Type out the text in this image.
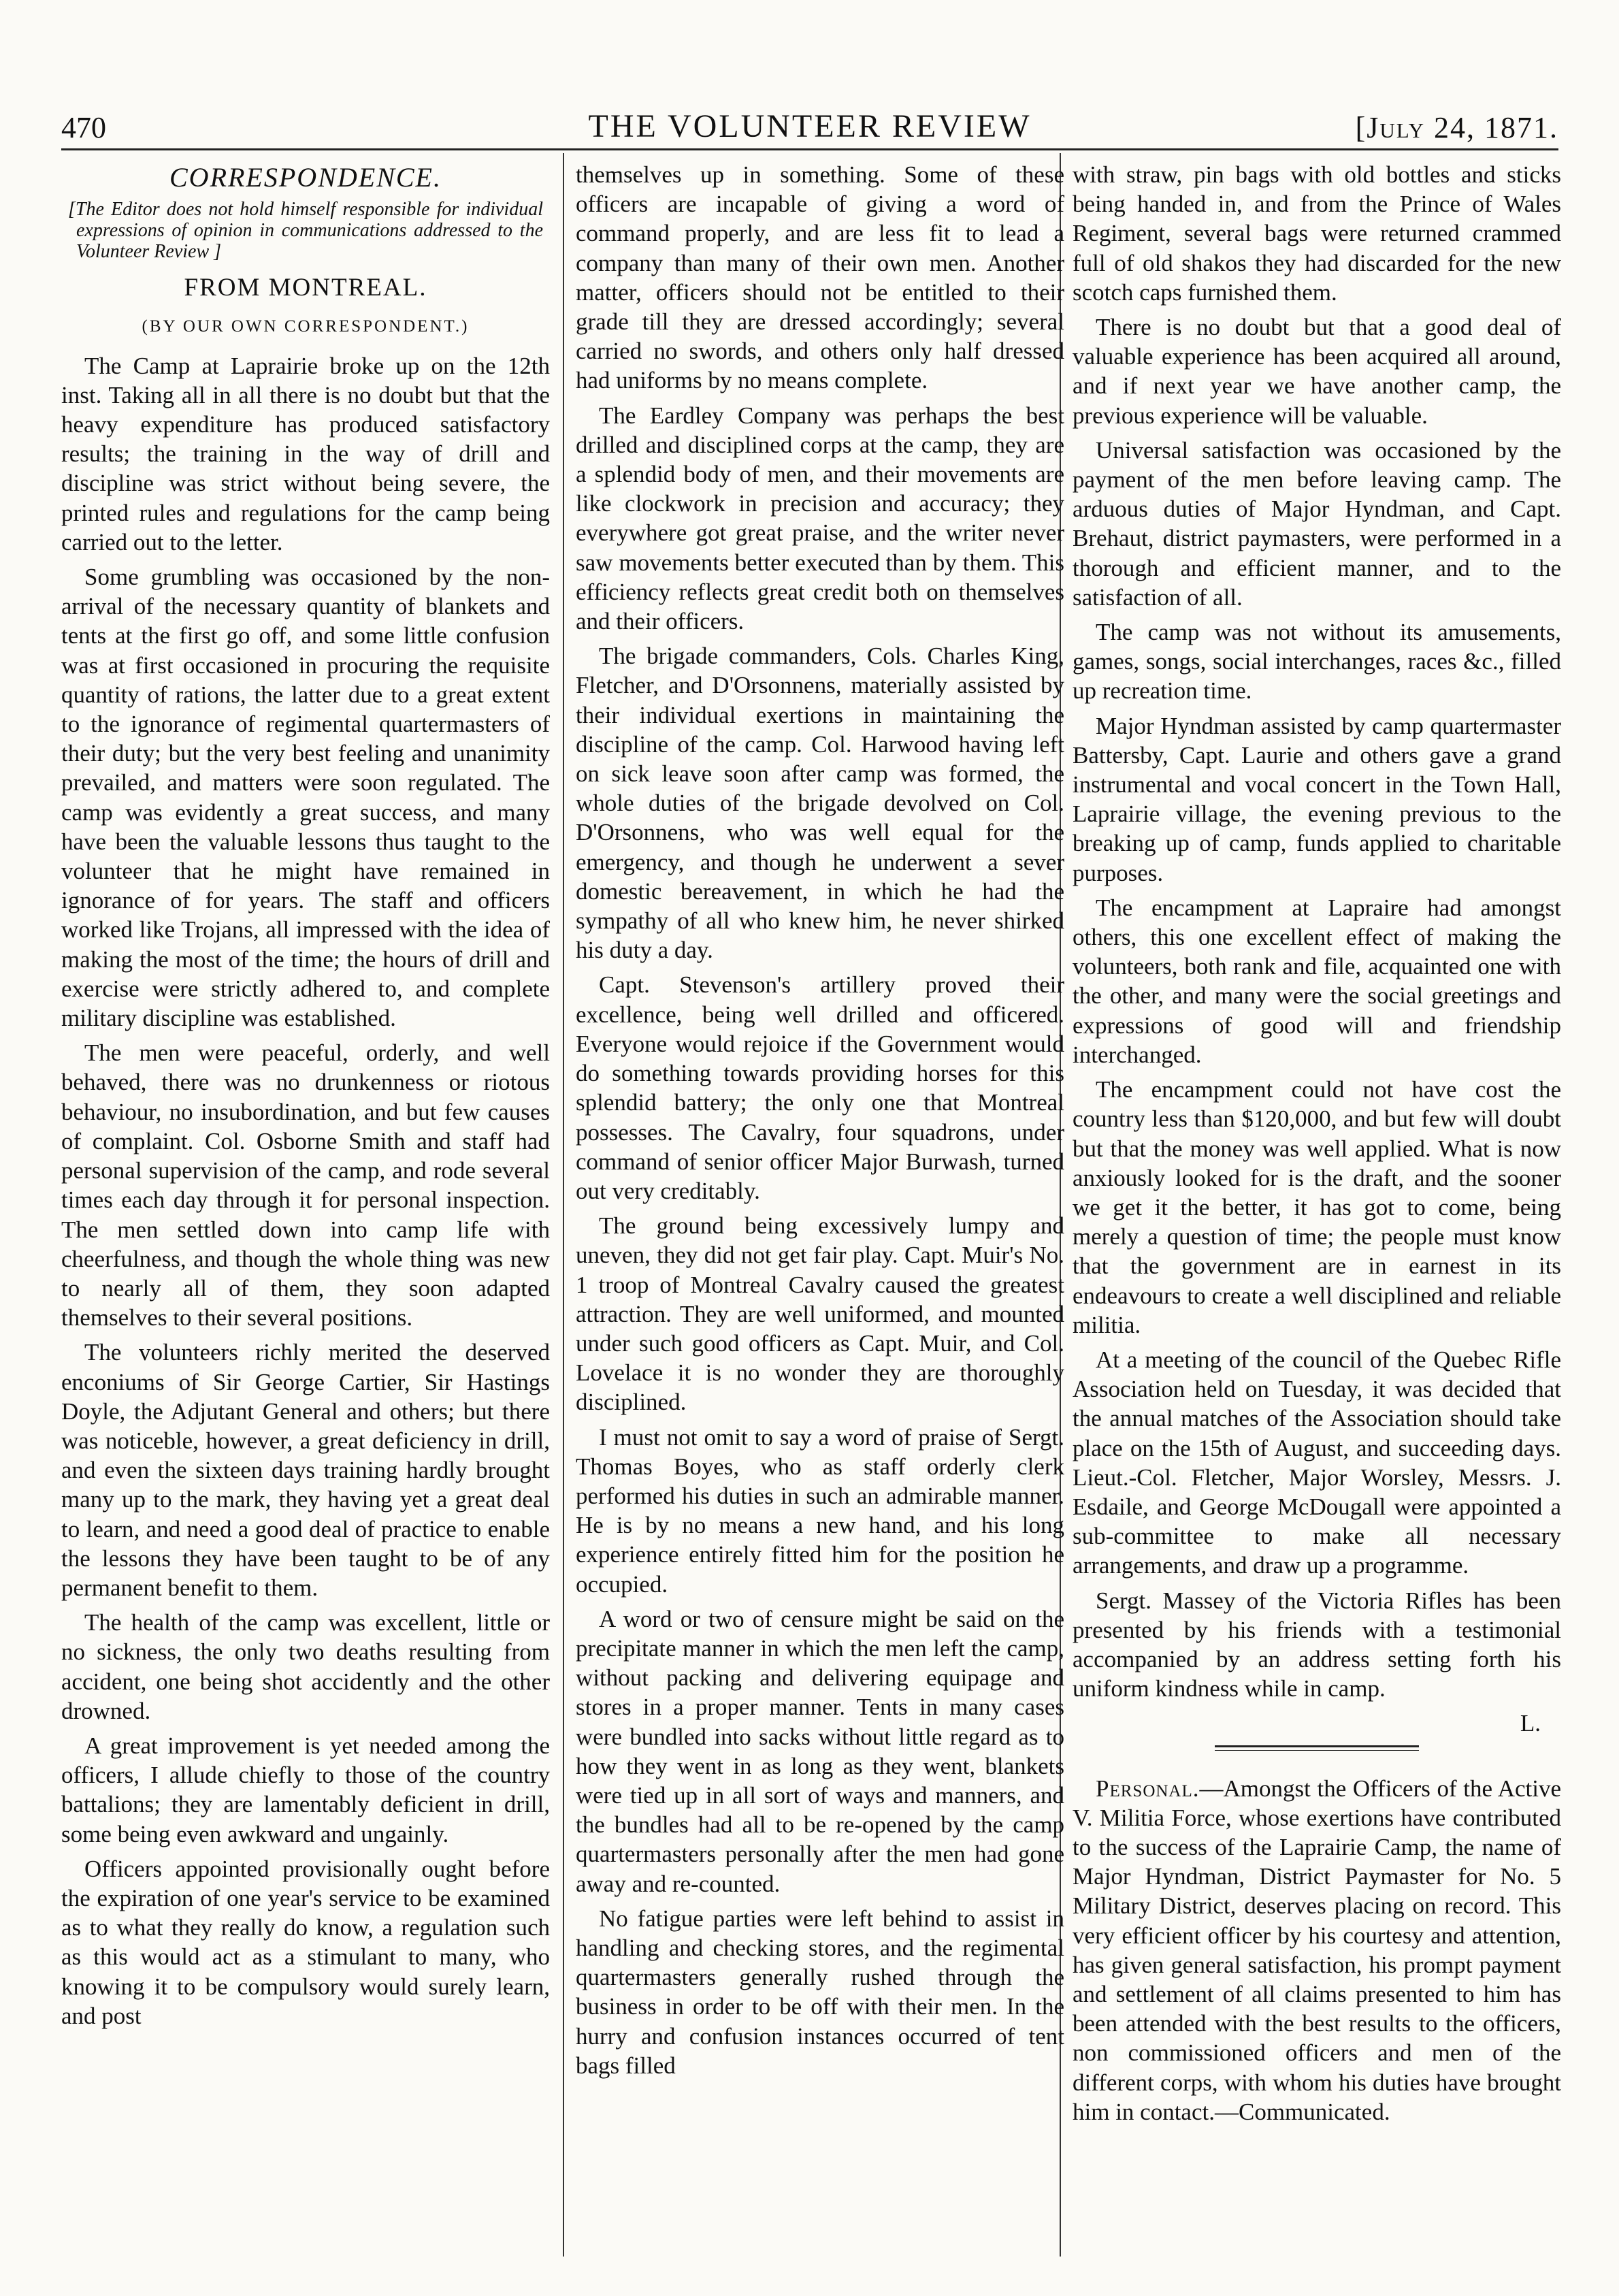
470	THE VOLUNTEER REVIEW	[July 24, 1871.
CORRESPONDENCE.
[The Editor does not hold himself responsible for individual expressions of opinion in communications addressed to the Volunteer Review ]
FROM MONTREAL.
(BY OUR OWN CORRESPONDENT.)

The Camp at Laprairie broke up on the 12th inst. Taking all in all there is no doubt but that the heavy expenditure has produced satisfactory results; the training in the way of drill and discipline was strict without being severe, the printed rules and regulations for the camp being carried out to the letter.

Some grumbling was occasioned by the non-arrival of the necessary quantity of blankets and tents at the first go off, and some little confusion was at first occasioned in procuring the requisite quantity of rations, the latter due to a great extent to the ignorance of regimental quartermasters of their duty; but the very best feeling and unanimity prevailed, and matters were soon regulated. The camp was evidently a great success, and many have been the valuable lessons thus taught to the volunteer that he might have remained in ignorance of for years. The staff and officers worked like Trojans, all impressed with the idea of making the most of the time; the hours of drill and exercise were strictly adhered to, and complete military discipline was established.

The men were peaceful, orderly, and well behaved, there was no drunkenness or riotous behaviour, no insubordination, and but few causes of complaint. Col. Osborne Smith and staff had personal supervision of the camp, and rode several times each day through it for personal inspection. The men settled down into camp life with cheerfulness, and though the whole thing was new to nearly all of them, they soon adapted themselves to their several positions.

The volunteers richly merited the deserved enconiums of Sir George Cartier, Sir Hastings Doyle, the Adjutant General and others; but there was noticeble, however, a great deficiency in drill, and even the sixteen days training hardly brought many up to the mark, they having yet a great deal to learn, and need a good deal of practice to enable the lessons they have been taught to be of any permanent benefit to them.

The health of the camp was excellent, little or no sickness, the only two deaths resulting from accident, one being shot accidently and the other drowned.

A great improvement is yet needed among the officers, I allude chiefly to those of the country battalions; they are lamentably deficient in drill, some being even awkward and ungainly.

Officers appointed provisionally ought before the expiration of one year's service to be examined as to what they really do know, a regulation such as this would act as a stimulant to many, who knowing it to be compulsory would surely learn, and post

themselves up in something. Some of these officers are incapable of giving a word of command properly, and are less fit to lead a company than many of their own men. Another matter, officers should not be entitled to their grade till they are dressed accordingly; several carried no swords, and others only half dressed had uniforms by no means complete.

The Eardley Company was perhaps the best drilled and disciplined corps at the camp, they are a splendid body of men, and their movements are like clockwork in precision and accuracy; they everywhere got great praise, and the writer never saw movements better executed than by them. This efficiency reflects great credit both on themselves and their officers.

The brigade commanders, Cols. Charles King, Fletcher, and D'Orsonnens, materially assisted by their individual exertions in maintaining the discipline of the camp. Col. Harwood having left on sick leave soon after camp was formed, the whole duties of the brigade devolved on Col. D'Orsonnens, who was well equal for the emergency, and though he underwent a sever domestic bereavement, in which he had the sympathy of all who knew him, he never shirked his duty a day.

Capt. Stevenson's artillery proved their excellence, being well drilled and officered. Everyone would rejoice if the Government would do something towards providing horses for this splendid battery; the only one that Montreal possesses. The Cavalry, four squadrons, under command of senior officer Major Burwash, turned out very creditably.

The ground being excessively lumpy and uneven, they did not get fair play. Capt. Muir's No. 1 troop of Montreal Cavalry caused the greatest attraction. They are well uniformed, and mounted under such good officers as Capt. Muir, and Col. Lovelace it is no wonder they are thoroughly disciplined.

I must not omit to say a word of praise of Sergt. Thomas Boyes, who as staff orderly clerk performed his duties in such an admirable manner. He is by no means a new hand, and his long experience entirely fitted him for the position he occupied.

A word or two of censure might be said on the precipitate manner in which the men left the camp, without packing and delivering equipage and stores in a proper manner. Tents in many cases were bundled into sacks without little regard as to how they went in as long as they went, blankets were tied up in all sort of ways and manners, and the bundles had all to be re-opened by the camp quartermasters personally after the men had gone away and re-counted.

No fatigue parties were left behind to assist in handling and checking stores, and the regimental quartermasters generally rushed through the business in order to be off with their men. In the hurry and confusion instances occurred of tent bags filled

with straw, pin bags with old bottles and sticks being handed in, and from the Prince of Wales Regiment, several bags were returned crammed full of old shakos they had discarded for the new scotch caps furnished them.

There is no doubt but that a good deal of valuable experience has been acquired all around, and if next year we have another camp, the previous experience will be valuable.

Universal satisfaction was occasioned by the payment of the men before leaving camp. The arduous duties of Major Hyndman, and Capt. Brehaut, district paymasters, were performed in a thorough and efficient manner, and to the satisfaction of all.

The camp was not without its amusements, games, songs, social interchanges, races &c., filled up recreation time.

Major Hyndman assisted by camp quartermaster Battersby, Capt. Laurie and others gave a grand instrumental and vocal concert in the Town Hall, Laprairie village, the evening previous to the breaking up of camp, funds applied to charitable purposes.

The encampment at Lapraire had amongst others, this one excellent effect of making the volunteers, both rank and file, acquainted one with the other, and many were the social greetings and expressions of good will and friendship interchanged.

The encampment could not have cost the country less than $120,000, and but few will doubt but that the money was well applied. What is now anxiously looked for is the draft, and the sooner we get it the better, it has got to come, being merely a question of time; the people must know that the government are in earnest in its endeavours to create a well disciplined and reliable militia.

At a meeting of the council of the Quebec Rifle Association held on Tuesday, it was decided that the annual matches of the Association should take place on the 15th of August, and succeeding days. Lieut.-Col. Fletcher, Major Worsley, Messrs. J. Esdaile, and George McDougall were appointed a sub-committee to make all necessary arrangements, and draw up a programme.

Sergt. Massey of the Victoria Rifles has been presented by his friends with a testimonial accompanied by an address setting forth his uniform kindness while in camp.

L.

Personal.—Amongst the Officers of the Active V. Militia Force, whose exertions have contributed to the success of the Laprairie Camp, the name of Major Hyndman, District Paymaster for No. 5 Military District, deserves placing on record. This very efficient officer by his courtesy and attention, has given general satisfaction, his prompt payment and settlement of all claims presented to him has been attended with the best results to the officers, non commissioned officers and men of the different corps, with whom his duties have brought him in contact.—Communicated.
